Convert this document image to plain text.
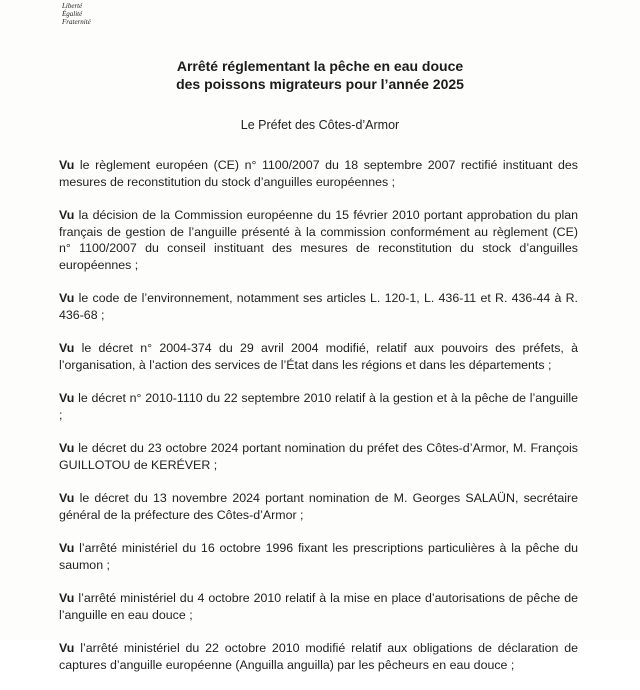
Liberté
Égalité
Fraternité
Arrêté réglementant la pêche en eau douce
des poissons migrateurs pour l’année 2025
Le Préfet des Côtes-d’Armor

Vu le règlement européen (CE) n° 1100/2007 du 18 septembre 2007 rectifié instituant des mesures de reconstitution du stock d’anguilles européennes ;

Vu la décision de la Commission européenne du 15 février 2010 portant approbation du plan français de gestion de l’anguille présenté à la commission conformément au règlement (CE) n° 1100/2007 du conseil instituant des mesures de reconstitution du stock d’anguilles européennes ;

Vu le code de l’environnement, notamment ses articles L. 120-1, L. 436-11 et R. 436-44 à R. 436-68 ;

Vu le décret n° 2004-374 du 29 avril 2004 modifié, relatif aux pouvoirs des préfets, à l’organisation, à l’action des services de l’État dans les régions et dans les départements ;

Vu le décret n° 2010-1110 du 22 septembre 2010 relatif à la gestion et à la pêche de l’anguille ;

Vu le décret du 23 octobre 2024 portant nomination du préfet des Côtes-d’Armor, M. François GUILLOTOU de KERÉVER ;

Vu le décret du 13 novembre 2024 portant nomination de M. Georges SALAÜN, secrétaire général de la préfecture des Côtes-d’Armor ;

Vu l’arrêté ministériel du 16 octobre 1996 fixant les prescriptions particulières à la pêche du saumon ;

Vu l’arrêté ministériel du 4 octobre 2010 relatif à la mise en place d’autorisations de pêche de l’anguille en eau douce ;

Vu l’arrêté ministériel du 22 octobre 2010 modifié relatif aux obligations de déclaration de captures d’anguille européenne (Anguilla anguilla) par les pêcheurs en eau douce ;
